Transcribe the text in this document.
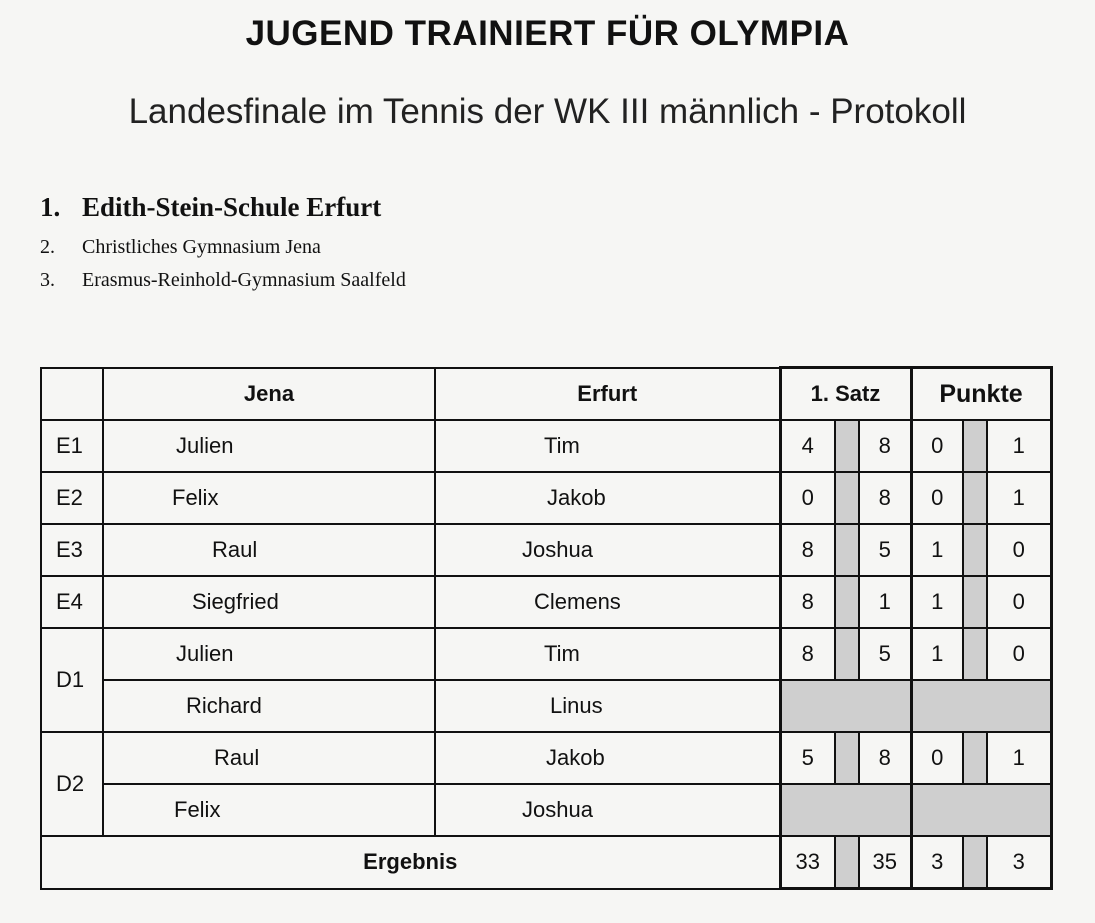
JUGEND TRAINIERT FÜR OLYMPIA
Landesfinale im Tennis der WK III männlich - Protokoll
1. Edith-Stein-Schule Erfurt
2. Christliches Gymnasium Jena
3. Erasmus-Reinhold-Gymnasium Saalfeld
	Jena	Erfurt	1. Satz			Punkte		
E1	Julien	Tim	4		8	0		1
E2	Felix	Jakob	0		8	0		1
E3	Raul	Joshua	8		5	1		0
E4	Siegfried	Clemens	8		1	1		0
D1	Julien	Tim	8		5	1		0
	Richard	Linus						
D2	Raul	Jakob	5		8	0		1
	Felix	Joshua						
Ergebnis			33		35	3		3
